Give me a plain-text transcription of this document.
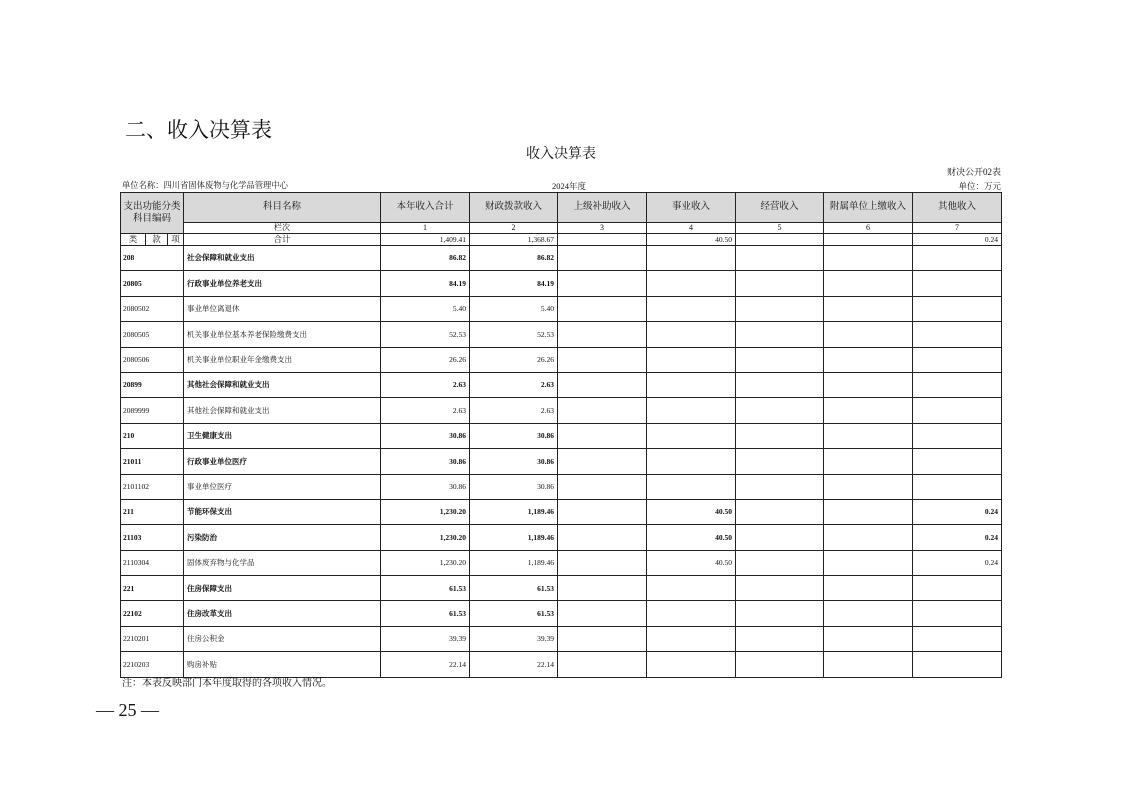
二、收入决算表
收入决算表
财决公开02表
单位名称：四川省固体废物与化学品管理中心	2024年度	单位：万元
支出功能分类
科目编码			科目名称	本年收入合计	财政拨款收入	上级补助收入	事业收入	经营收入	附属单位上缴收入	其他收入
			栏次	1	2	3	4	5	6	7
类	款	项	合计	1,409.41	1,368.67		40.50			0.24
208			社会保障和就业支出	86.82	86.82					
20805			行政事业单位养老支出	84.19	84.19					
2080502			事业单位离退休	5.40	5.40					
2080505			机关事业单位基本养老保险缴费支出	52.53	52.53					
2080506			机关事业单位职业年金缴费支出	26.26	26.26					
20899			其他社会保障和就业支出	2.63	2.63					
2089999			其他社会保障和就业支出	2.63	2.63					
210			卫生健康支出	30.86	30.86					
21011			行政事业单位医疗	30.86	30.86					
2101102			事业单位医疗	30.86	30.86					
211			节能环保支出	1,230.20	1,189.46		40.50			0.24
21103			污染防治	1,230.20	1,189.46		40.50			0.24
2110304			固体废弃物与化学品	1,230.20	1,189.46		40.50			0.24
221			住房保障支出	61.53	61.53					
22102			住房改革支出	61.53	61.53					
2210201			住房公积金	39.39	39.39					
2210203			购房补贴	22.14	22.14					
注：本表反映部门本年度取得的各项收入情况。
— 25 —
